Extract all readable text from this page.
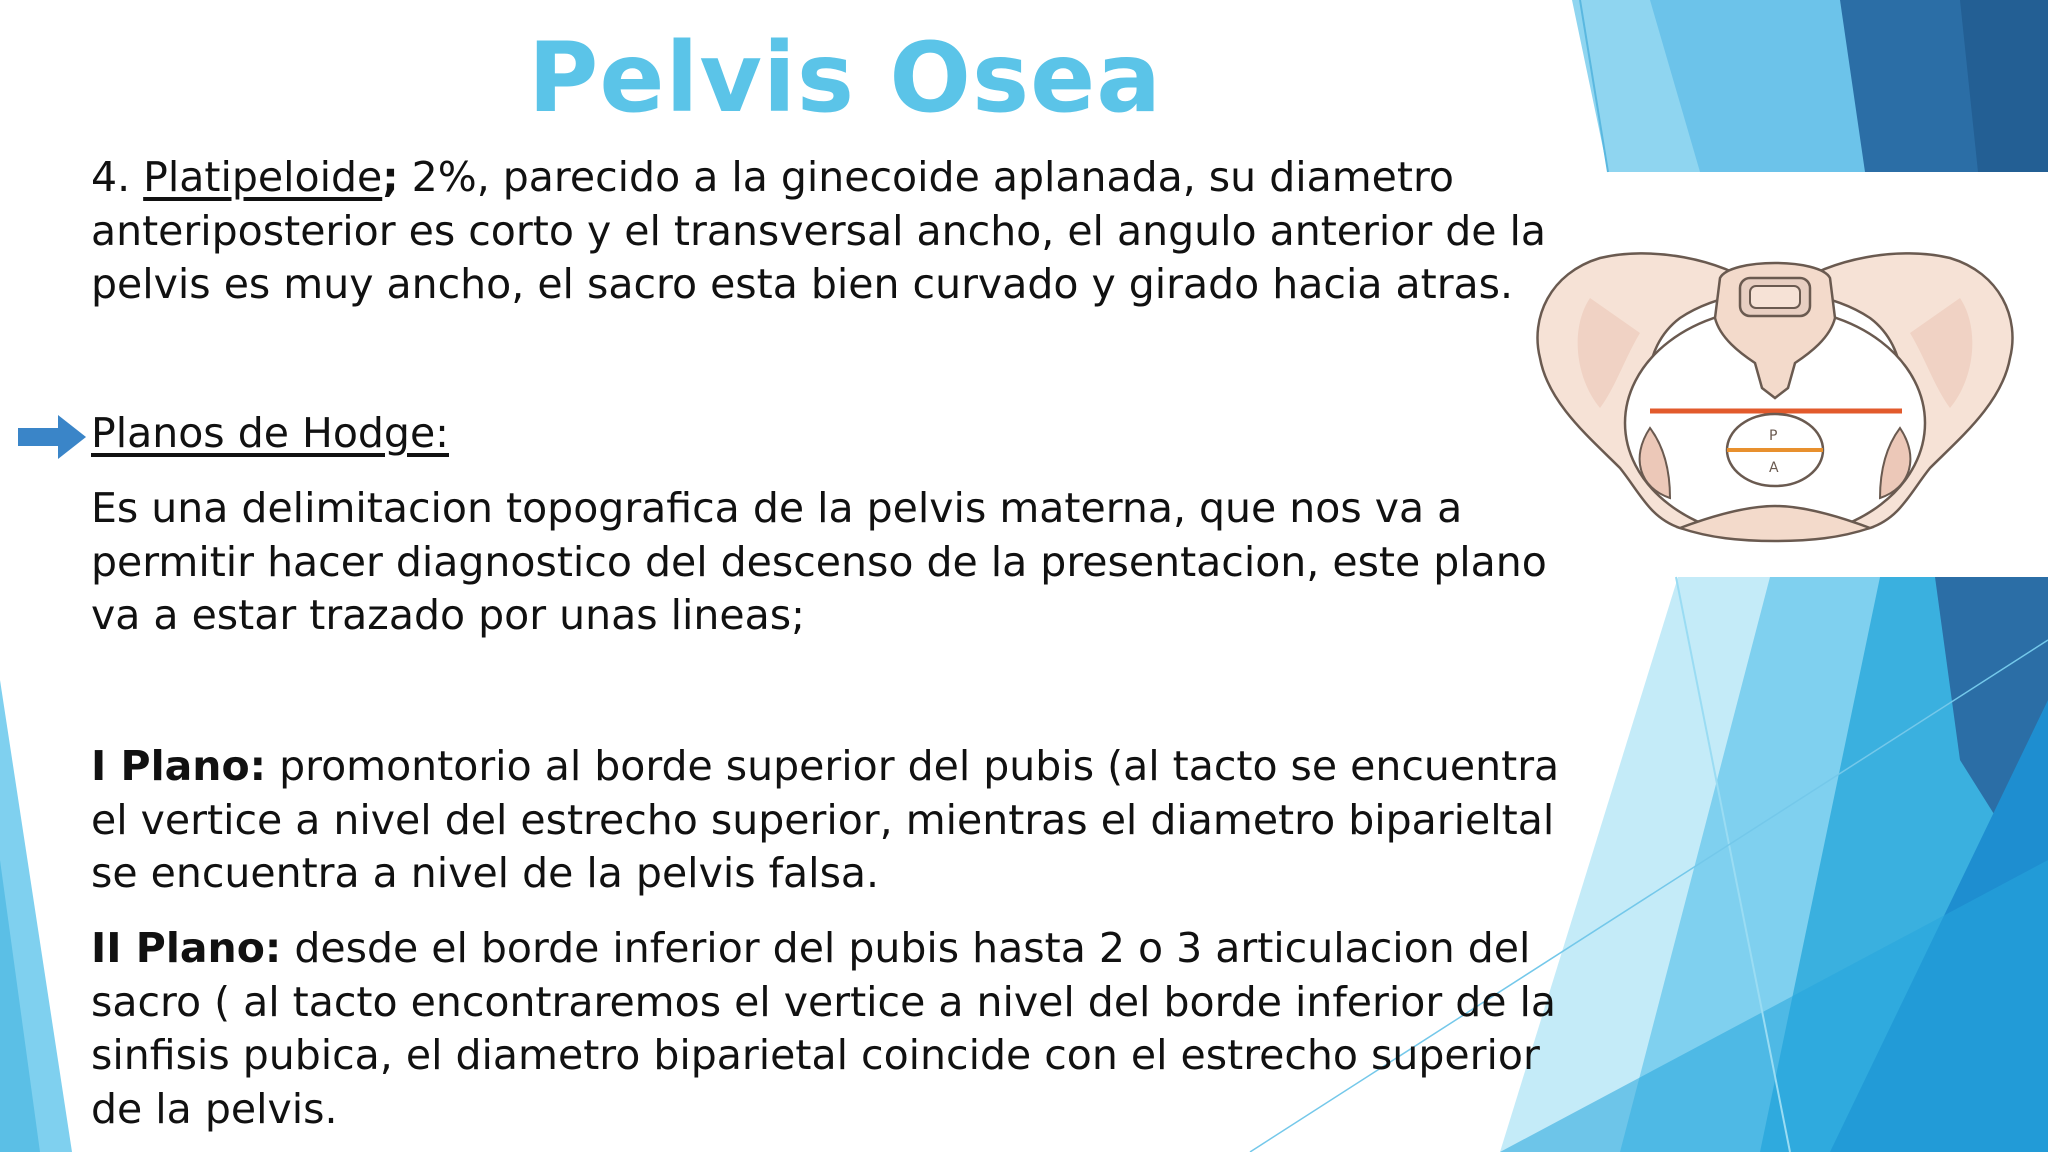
Pelvis Osea
4. Platipeloide; 2%, parecido a la ginecoide aplanada, su diametro anteriposterior es corto y el transversal ancho, el angulo anterior de la pelvis es muy ancho, el sacro esta bien curvado y girado hacia atras.
Planos de Hodge:
Es una delimitacion topografica de la pelvis materna, que nos va a permitir hacer diagnostico del descenso de la presentacion, este plano va a estar trazado por unas lineas;
I Plano: promontorio al borde superior del pubis (al tacto se encuentra el vertice a nivel del estrecho superior, mientras el diametro biparieltal se encuentra a nivel de la pelvis falsa.
II Plano: desde el borde inferior del pubis hasta 2 o 3 articulacion del sacro ( al tacto encontraremos el vertice a nivel del borde inferior de la sinfisis pubica, el diametro biparietal coincide con el estrecho superior de la pelvis.
P
A
